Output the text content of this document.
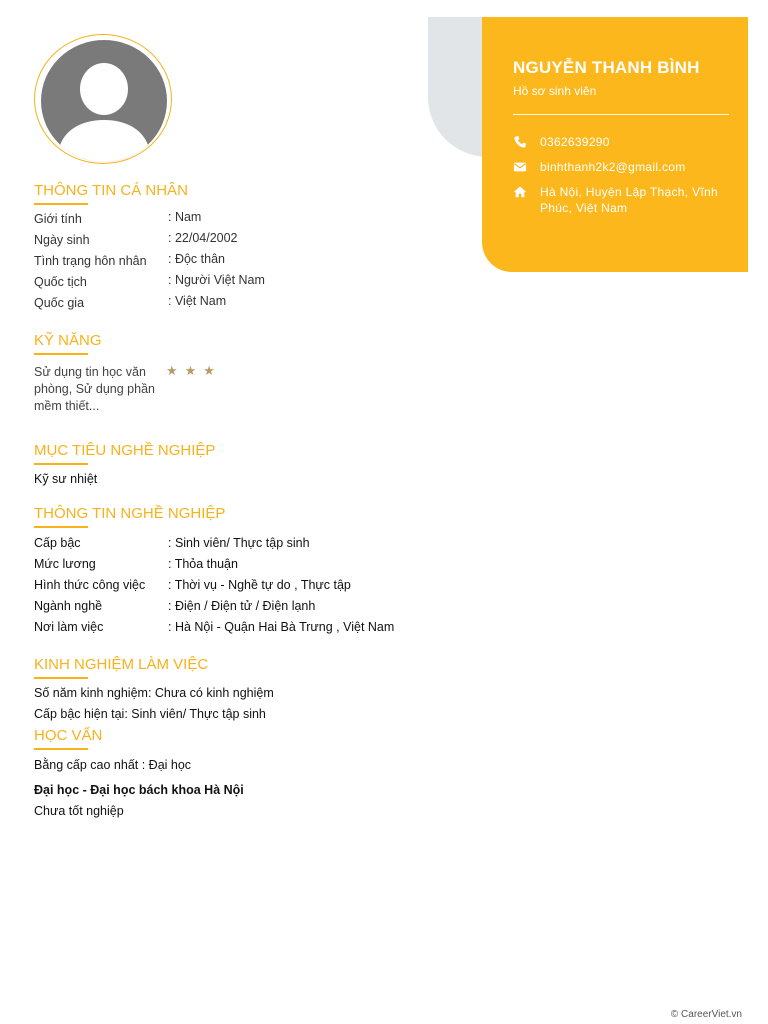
NGUYỄN THANH BÌNH
Hồ sơ sinh viên
0362639290
binhthanh2k2@gmail.com
Hà Nội, Huyện Lập Thạch, Vĩnh Phúc, Việt Nam
THÔNG TIN CÁ NHÂN
Giới tính	: Nam
Ngày sinh	: 22/04/2002
Tình trạng hôn nhân : Độc thân
Quốc tịch	: Người Việt Nam
Quốc gia	: Việt Nam
KỸ NĂNG
Sử dụng tin học văn phòng, Sử dụng phần mềm thiết...
★★★
MỤC TIÊU NGHỀ NGHIỆP
Kỹ sư nhiệt
THÔNG TIN NGHỀ NGHIỆP
Cấp bậc	: Sinh viên/ Thực tập sinh
Mức lương	: Thỏa thuận
Hình thức công việc : Thời vụ - Nghề tự do , Thực tập
Ngành nghề	: Điện / Điện tử / Điện lạnh
Nơi làm việc	: Hà Nội - Quận Hai Bà Trưng , Việt Nam
KINH NGHIỆM LÀM VIỆC
Số năm kinh nghiệm: Chưa có kinh nghiệm
Cấp bậc hiện tại: Sinh viên/ Thực tập sinh
HỌC VẤN
Bằng cấp cao nhất : Đại học
Đại học - Đại học bách khoa Hà Nội
Chưa tốt nghiệp
© CareerViet.vn
